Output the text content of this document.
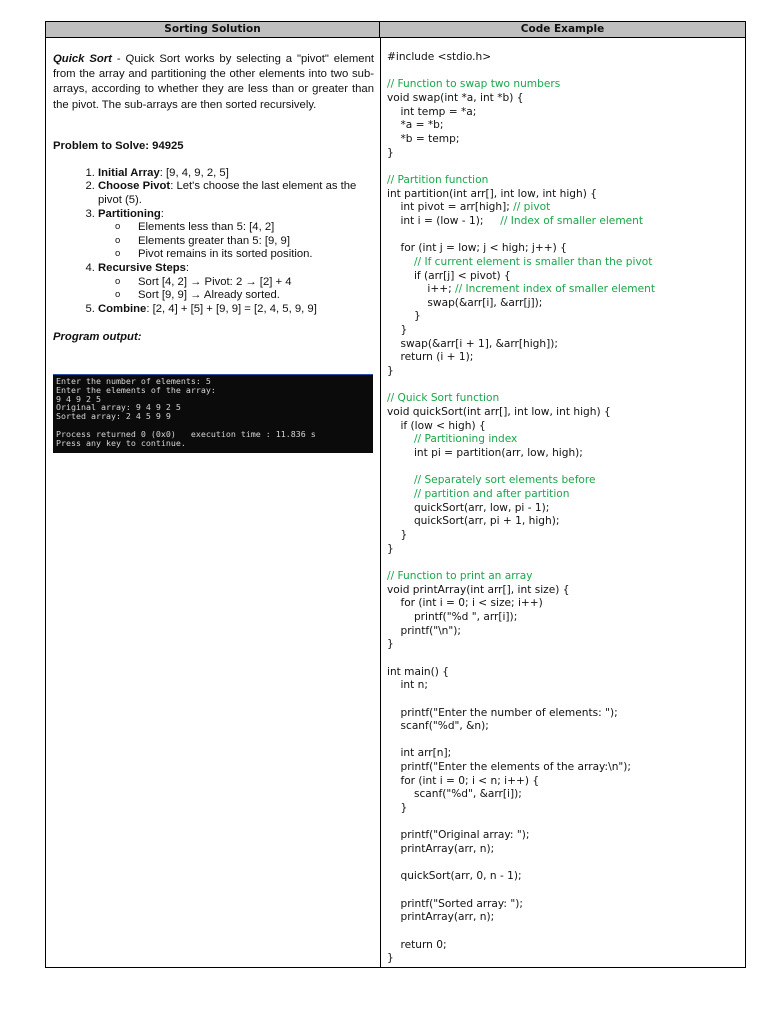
Sorting Solution	Code Example

Quick Sort - Quick Sort works by selecting a "pivot" element from the array and partitioning the other elements into two sub-arrays, according to whether they are less than or greater than the pivot. The sub-arrays are then sorted recursively.

Problem to Solve: 94925

1. Initial Array: [9, 4, 9, 2, 5]
2. Choose Pivot: Let's choose the last element as the pivot (5).
3. Partitioning:
o Elements less than 5: [4, 2]
o Elements greater than 5: [9, 9]
o Pivot remains in its sorted position.
4. Recursive Steps:
o Sort [4, 2] → Pivot: 2 → [2] + 4
o Sort [9, 9] → Already sorted.
5. Combine: [2, 4] + [5] + [9, 9] = [2, 4, 5, 9, 9]

Program output:

Enter the number of elements: 5
Enter the elements of the array:
9 4 9 2 5
Original array: 9 4 9 2 5
Sorted array: 2 4 5 9 9

Process returned 0 (0x0)   execution time : 11.836 s
Press any key to continue.
#include <stdio.h>

// Function to swap two numbers
void swap(int *a, int *b) {
int temp = *a;
*a = *b;
*b = temp;
}

// Partition function
int partition(int arr[], int low, int high) {
int pivot = arr[high]; // pivot
int i = (low - 1);     // Index of smaller element

for (int j = low; j < high; j++) {
// If current element is smaller than the pivot
if (arr[j] < pivot) {
i++; // Increment index of smaller element
swap(&arr[i], &arr[j]);
}
}
swap(&arr[i + 1], &arr[high]);
return (i + 1);
}

// Quick Sort function
void quickSort(int arr[], int low, int high) {
if (low < high) {
// Partitioning index
int pi = partition(arr, low, high);

// Separately sort elements before
// partition and after partition
quickSort(arr, low, pi - 1);
quickSort(arr, pi + 1, high);
}
}

// Function to print an array
void printArray(int arr[], int size) {
for (int i = 0; i < size; i++)
printf("%d ", arr[i]);
printf("\n");
}

int main() {
int n;

printf("Enter the number of elements: ");
scanf("%d", &n);

int arr[n];
printf("Enter the elements of the array:\n");
for (int i = 0; i < n; i++) {
scanf("%d", &arr[i]);
}

printf("Original array: ");
printArray(arr, n);

quickSort(arr, 0, n - 1);

printf("Sorted array: ");
printArray(arr, n);

return 0;
}
